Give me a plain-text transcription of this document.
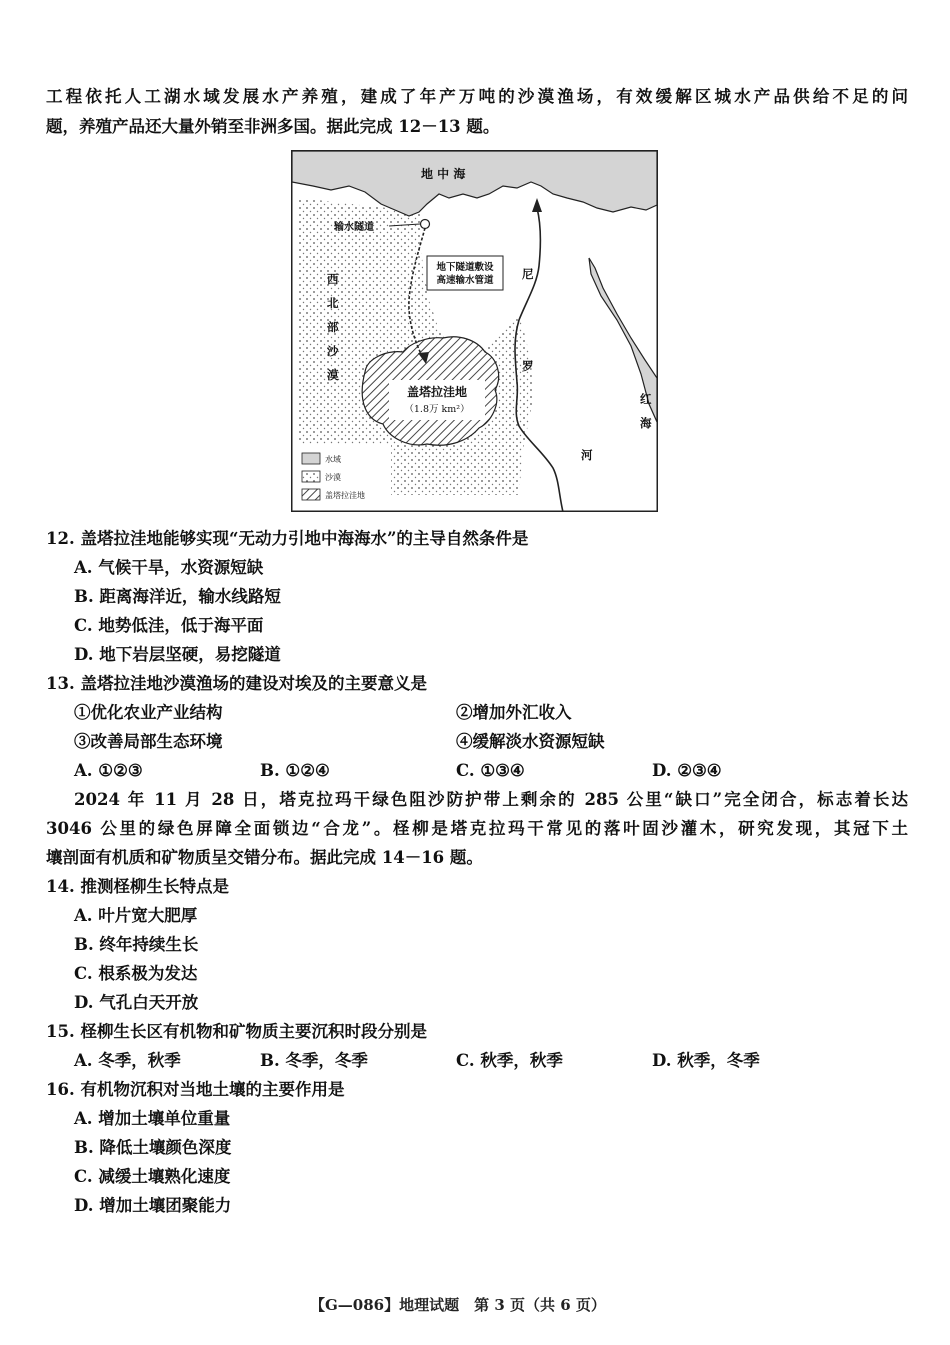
工程依托人工湖水域发展水产养殖，建成了年产万吨的沙漠渔场，有效缓解区城水产品供给不足的问
题，养殖产品还大量外销至非洲多国。据此完成 12－13 题。
地 中 海
输水隧道
地下隧道敷设
高速输水管道
西
北
部
沙
漠
盖塔拉洼地
（1.8万 km²）
尼
罗
河
红
海
水域
沙漠
盖塔拉洼地
12. 盖塔拉洼地能够实现“无动力引地中海海水”的主导自然条件是
A. 气候干旱，水资源短缺
B. 距离海洋近，输水线路短
C. 地势低洼，低于海平面
D. 地下岩层坚硬，易挖隧道
13. 盖塔拉洼地沙漠渔场的建设对埃及的主要意义是
①优化农业产业结构	②增加外汇收入
③改善局部生态环境	④缓解淡水资源短缺
A. ①②③	B. ①②④	C. ①③④	D. ②③④
2024 年 11 月 28 日，塔克拉玛干绿色阻沙防护带上剩余的 285 公里“缺口”完全闭合，标志着长达
3046 公里的绿色屏障全面锁边“合龙”。柽柳是塔克拉玛干常见的落叶固沙灌木，研究发现，其冠下土
壤剖面有机质和矿物质呈交错分布。据此完成 14－16 题。
14. 推测柽柳生长特点是
A. 叶片宽大肥厚
B. 终年持续生长
C. 根系极为发达
D. 气孔白天开放
15. 柽柳生长区有机物和矿物质主要沉积时段分别是
A. 冬季，秋季	B. 冬季，冬季	C. 秋季，秋季	D. 秋季，冬季
16. 有机物沉积对当地土壤的主要作用是
A. 增加土壤单位重量
B. 降低土壤颜色深度
C. 减缓土壤熟化速度
D. 增加土壤团聚能力
【G—086】地理试题　第 3 页（共 6 页）
